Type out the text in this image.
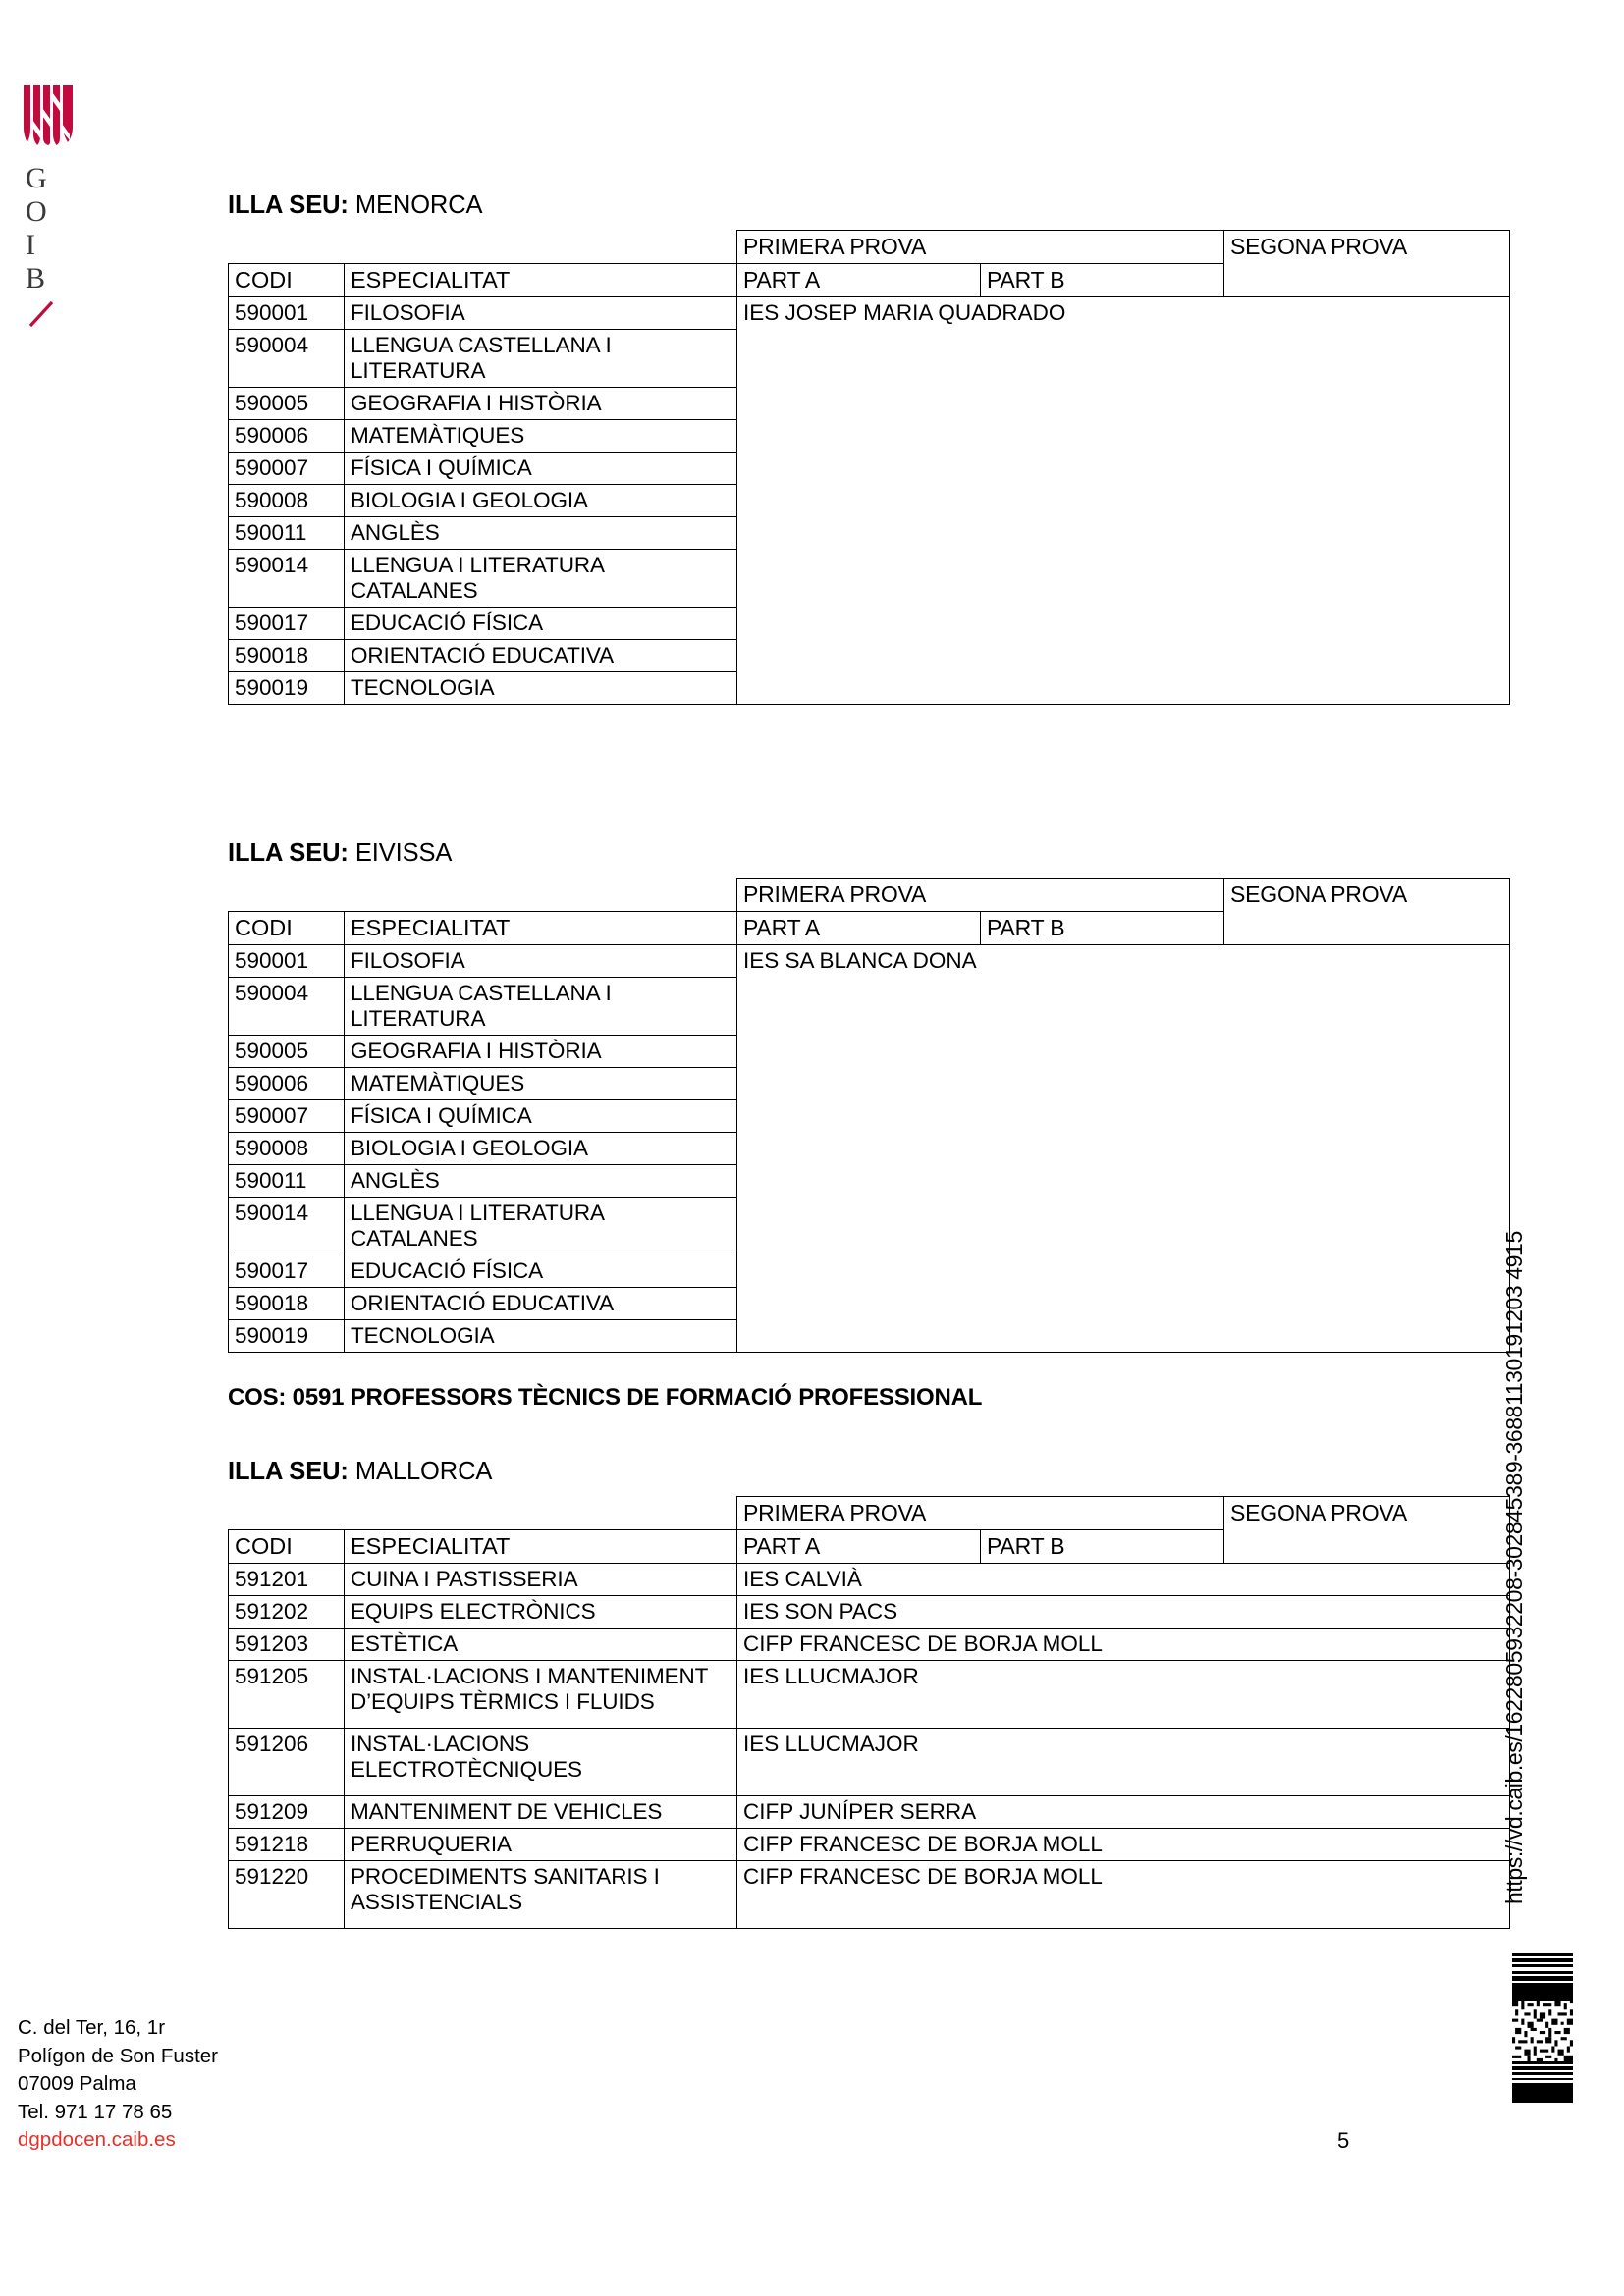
G
O
I
B
ILLA SEU: MENORCA
		PRIMERA PROVA		SEGONA PROVA
CODI	ESPECIALITAT	PART A	PART B	
590001	FILOSOFIA	IES JOSEP MARIA QUADRADO		
590004	LLENGUA CASTELLANA I LITERATURA			
590005	GEOGRAFIA I HISTÒRIA			
590006	MATEMÀTIQUES			
590007	FÍSICA I QUÍMICA			
590008	BIOLOGIA I GEOLOGIA			
590011	ANGLÈS			
590014	LLENGUA I LITERATURA CATALANES			
590017	EDUCACIÓ FÍSICA			
590018	ORIENTACIÓ EDUCATIVA			
590019	TECNOLOGIA			
ILLA SEU: EIVISSA
		PRIMERA PROVA		SEGONA PROVA
CODI	ESPECIALITAT	PART A	PART B	
590001	FILOSOFIA	IES SA BLANCA DONA		
590004	LLENGUA CASTELLANA I LITERATURA			
590005	GEOGRAFIA I HISTÒRIA			
590006	MATEMÀTIQUES			
590007	FÍSICA I QUÍMICA			
590008	BIOLOGIA I GEOLOGIA			
590011	ANGLÈS			
590014	LLENGUA I LITERATURA CATALANES			
590017	EDUCACIÓ FÍSICA			
590018	ORIENTACIÓ EDUCATIVA			
590019	TECNOLOGIA			
COS: 0591 PROFESSORS TÈCNICS DE FORMACIÓ PROFESSIONAL
ILLA SEU: MALLORCA
		PRIMERA PROVA		SEGONA PROVA
CODI	ESPECIALITAT	PART A	PART B	
591201	CUINA I PASTISSERIA	IES CALVIÀ		
591202	EQUIPS ELECTRÒNICS	IES SON PACS		
591203	ESTÈTICA	CIFP FRANCESC DE BORJA MOLL		
591205	INSTAL·LACIONS I MANTENIMENT D’EQUIPS TÈRMICS I FLUIDS	IES LLUCMAJOR		
591206	INSTAL·LACIONS ELECTROTÈCNIQUES	IES LLUCMAJOR		
591209	MANTENIMENT DE VEHICLES	CIFP JUNÍPER SERRA		
591218	PERRUQUERIA	CIFP FRANCESC DE BORJA MOLL		
591220	PROCEDIMENTS SANITARIS I ASSISTENCIALS	CIFP FRANCESC DE BORJA MOLL			https://vd.caib.es/1622805932208-302845389-36881130191203 4915
C. del Ter, 16, 1r
Polígon de Son Fuster
07009 Palma
Tel. 971 17 78 65
dgpdocen.caib.es	5
